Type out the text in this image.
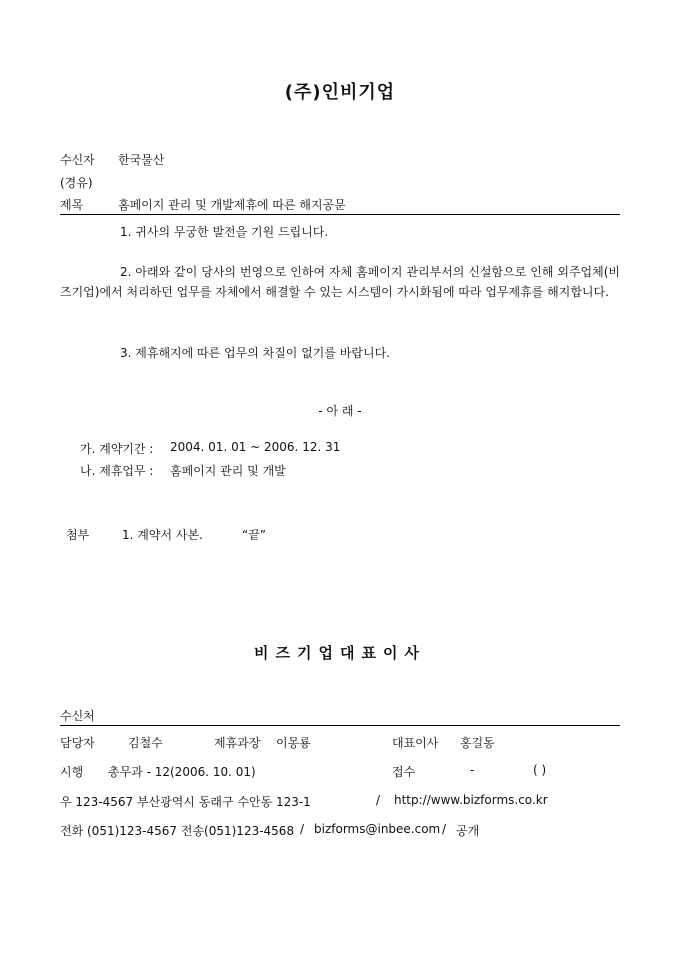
(주)인비기업
수신자 한국물산
(경유)
제목	홈페이지 관리 및 개발제휴에 따른 해지공문
1. 귀사의 무궁한 발전을 기원 드립니다.
2. 아래와 같이 당사의 번영으로 인하여 자체 홈페이지 관리부서의 신설함으로 인해 외주업체(비즈기업)에서 처리하던 업무를 자체에서 해결할 수 있는 시스템이 가시화됨에 따라 업무제휴를 해지합니다.
3. 제휴해지에 따른 업무의 차질이 없기를 바랍니다.
- 아 래 -
가. 계약기간 : 2004. 01. 01 ~ 2006. 12. 31
나. 제휴업무 : 홈페이지 관리 및 개발
첨부	1. 계약서 사본.	“끝”
비즈기업대표이사
수신처
담당자	김철수	제휴과장 이몽룡	대표이사 홍길동
시행 총무과 - 12(2006. 10. 01)	접수	-	( )
우 123-4567 부산광역시 동래구 수안동 123-1	/ http://www.bizforms.co.kr
전화 (051)123-4567 전송(051)123-4568 / bizforms@inbee.com / 공개
